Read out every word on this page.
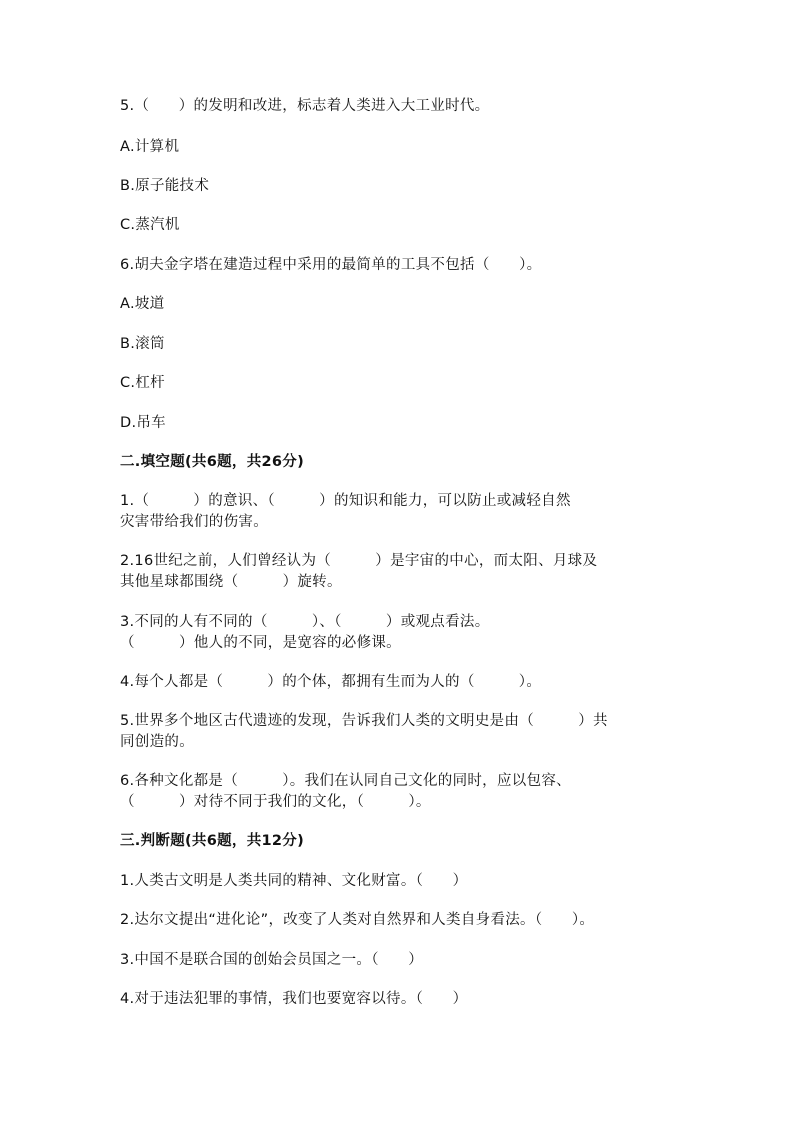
5.（      ）的发明和改进，标志着人类进入大工业时代。
A.计算机
B.原子能技术
C.蒸汽机
6.胡夫金字塔在建造过程中采用的最简单的工具不包括（      ）。
A.坡道
B.滚筒
C.杠杆
D.吊车
二.填空题(共6题，共26分)
1.（         ）的意识、（         ）的知识和能力，可以防止或减轻自然
灾害带给我们的伤害。
2.16世纪之前，人们曾经认为（         ）是宇宙的中心，而太阳、月球及
其他星球都围绕（         ）旋转。
3.不同的人有不同的（         ）、（         ）或观点看法。
（         ）他人的不同，是宽容的必修课。
4.每个人都是（         ）的个体，都拥有生而为人的（         ）。
5.世界多个地区古代遗迹的发现，告诉我们人类的文明史是由（         ）共
同创造的。
6.各种文化都是（         ）。我们在认同自己文化的同时，应以包容、
（         ）对待不同于我们的文化，（         ）。
三.判断题(共6题，共12分)
1.人类古文明是人类共同的精神、文化财富。（      ）
2.达尔文提出“进化论”，改变了人类对自然界和人类自身看法。（      ）。
3.中国不是联合国的创始会员国之一。（      ）
4.对于违法犯罪的事情，我们也要宽容以待。（      ）
